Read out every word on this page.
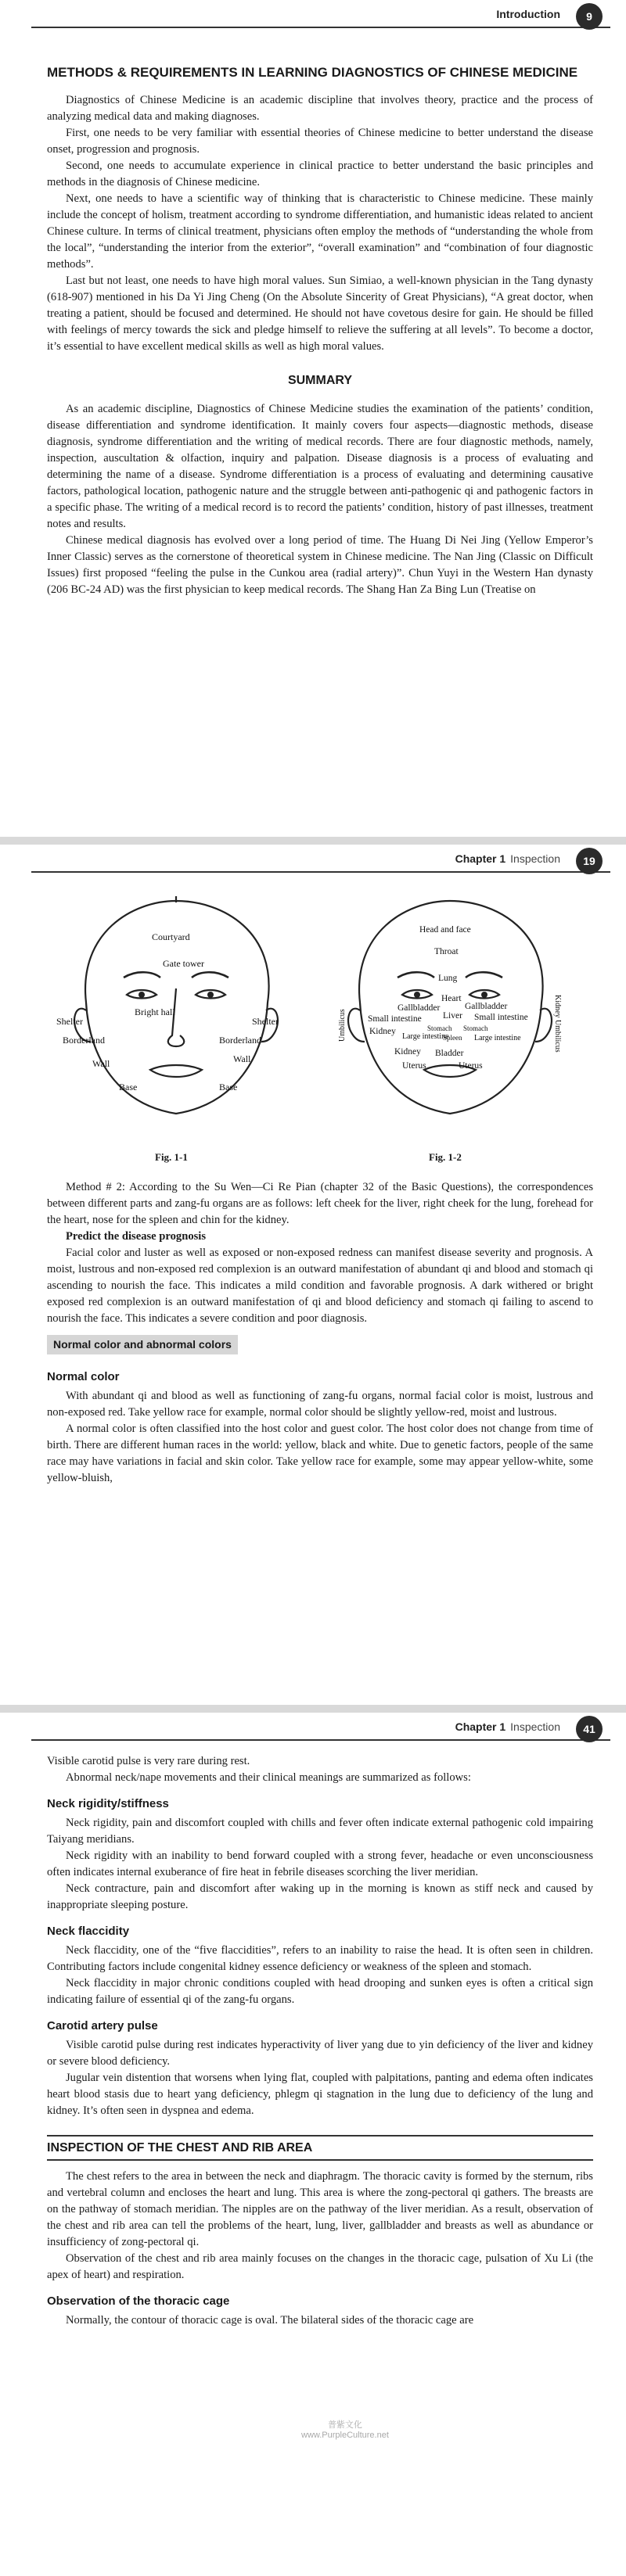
Introduction	9
METHODS & REQUIREMENTS IN LEARNING DIAGNOSTICS OF CHINESE MEDICINE

Diagnostics of Chinese Medicine is an academic discipline that involves theory, practice and the process of analyzing medical data and making diagnoses.

First, one needs to be very familiar with essential theories of Chinese medicine to better understand the disease onset, progression and prognosis.

Second, one needs to accumulate experience in clinical practice to better understand the basic principles and methods in the diagnosis of Chinese medicine.

Next, one needs to have a scientific way of thinking that is characteristic to Chinese medicine. These mainly include the concept of holism, treatment according to syndrome differentiation, and humanistic ideas related to ancient Chinese culture. In terms of clinical treatment, physicians often employ the methods of “understanding the whole from the local”, “understanding the interior from the exterior”, “overall examination” and “combination of four diagnostic methods”.

Last but not least, one needs to have high moral values. Sun Simiao, a well-known physician in the Tang dynasty (618-907) mentioned in his Da Yi Jing Cheng (On the Absolute Sincerity of Great Physicians), “A great doctor, when treating a patient, should be focused and determined. He should not have covetous desire for gain. He should be filled with feelings of mercy towards the sick and pledge himself to relieve the suffering at all levels”. To become a doctor, it’s essential to have excellent medical skills as well as high moral values.

SUMMARY

As an academic discipline, Diagnostics of Chinese Medicine studies the examination of the patients’ condition, disease differentiation and syndrome identification. It mainly covers four aspects—diagnostic methods, disease diagnosis, syndrome differentiation and the writing of medical records. There are four diagnostic methods, namely, inspection, auscultation & olfaction, inquiry and palpation. Disease diagnosis is a process of evaluating and determining the name of a disease. Syndrome differentiation is a process of evaluating and determining causative factors, pathological location, pathogenic nature and the struggle between anti-pathogenic qi and pathogenic factors in a specific phase. The writing of a medical record is to record the patients’ condition, history of past illnesses, treatment notes and results.

Chinese medical diagnosis has evolved over a long period of time. The Huang Di Nei Jing (Yellow Emperor’s Inner Classic) serves as the cornerstone of theoretical system in Chinese medicine. The Nan Jing (Classic on Difficult Issues) first proposed “feeling the pulse in the Cunkou area (radial artery)”. Chun Yuyi in the Western Han dynasty (206 BC-24 AD) was the first physician to keep medical records. The Shang Han Za Bing Lun (Treatise on

Chapter 1 Inspection	19
Courtyard
Gate tower
Bright hall
Shelter	Shelter
Borderland	Borderland
Wall	Wall
Base	Base
Fig. 1-1
Head and face
Throat
Lung
Heart
Gallbladder	Gallbladder
Small intestine	Small intestine
Liver
Kidney	Stomach Stomach
Large intestine
Spleen Large intestine
Kidney Bladder
Uterus	Uterus
Umbilicus	Kidney Umbilicus
Fig. 1-2

Method # 2: According to the Su Wen—Ci Re Pian (chapter 32 of the Basic Questions), the correspondences between different parts and zang-fu organs are as follows: left cheek for the liver, right cheek for the lung, forehead for the heart, nose for the spleen and chin for the kidney.

Predict the disease prognosis

Facial color and luster as well as exposed or non-exposed redness can manifest disease severity and prognosis. A moist, lustrous and non-exposed red complexion is an outward manifestation of abundant qi and blood and stomach qi ascending to nourish the face. This indicates a mild condition and favorable prognosis. A dark withered or bright exposed red complexion is an outward manifestation of qi and blood deficiency and stomach qi failing to ascend to nourish the face. This indicates a severe condition and poor diagnosis.

Normal color and abnormal colors
Normal color

With abundant qi and blood as well as functioning of zang-fu organs, normal facial color is moist, lustrous and non-exposed red. Take yellow race for example, normal color should be slightly yellow-red, moist and lustrous.

A normal color is often classified into the host color and guest color. The host color does not change from time of birth. There are different human races in the world: yellow, black and white. Due to genetic factors, people of the same race may have variations in facial and skin color. Take yellow race for example, some may appear yellow-white, some yellow-bluish,

Chapter 1 Inspection	41

Visible carotid pulse is very rare during rest.

Abnormal neck/nape movements and their clinical meanings are summarized as follows:

Neck rigidity/stiffness

Neck rigidity, pain and discomfort coupled with chills and fever often indicate external pathogenic cold impairing Taiyang meridians.

Neck rigidity with an inability to bend forward coupled with a strong fever, headache or even unconsciousness often indicates internal exuberance of fire heat in febrile diseases scorching the liver meridian.

Neck contracture, pain and discomfort after waking up in the morning is known as stiff neck and caused by inappropriate sleeping posture.

Neck flaccidity

Neck flaccidity, one of the “five flaccidities”, refers to an inability to raise the head. It is often seen in children. Contributing factors include congenital kidney essence deficiency or weakness of the spleen and stomach.

Neck flaccidity in major chronic conditions coupled with head drooping and sunken eyes is often a critical sign indicating failure of essential qi of the zang-fu organs.

Carotid artery pulse

Visible carotid pulse during rest indicates hyperactivity of liver yang due to yin deficiency of the liver and kidney or severe blood deficiency.

Jugular vein distention that worsens when lying flat, coupled with palpitations, panting and edema often indicates heart blood stasis due to heart yang deficiency, phlegm qi stagnation in the lung due to deficiency of the lung and kidney. It’s often seen in dyspnea and edema.

INSPECTION OF THE CHEST AND RIB AREA

The chest refers to the area in between the neck and diaphragm. The thoracic cavity is formed by the sternum, ribs and vertebral column and encloses the heart and lung. This area is where the zong-pectoral qi gathers. The breasts are on the pathway of stomach meridian. The nipples are on the pathway of the liver meridian. As a result, observation of the chest and rib area can tell the problems of the heart, lung, liver, gallbladder and breasts as well as abundance or insufficiency of zong-pectoral qi.

Observation of the chest and rib area mainly focuses on the changes in the thoracic cage, pulsation of Xu Li (the apex of heart) and respiration.

Observation of the thoracic cage

Normally, the contour of thoracic cage is oval. The bilateral sides of the thoracic cage are

普紫文化
www.PurpleCulture.net
